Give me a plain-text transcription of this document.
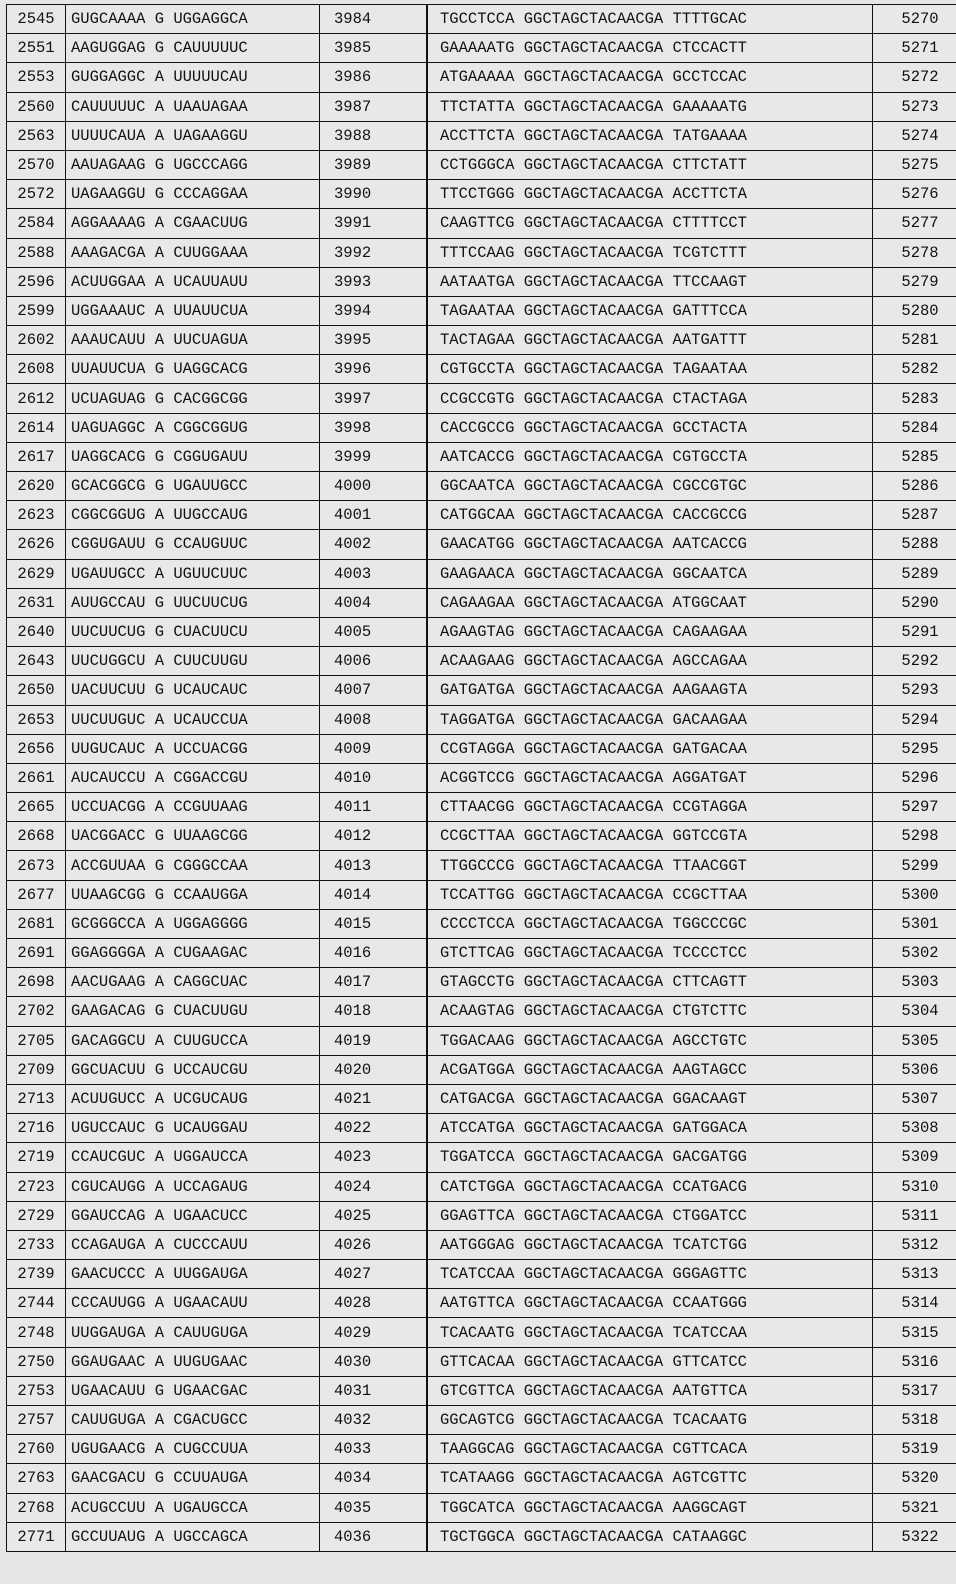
2545	GUGCAAAA G UGGAGGCA	3984		TGCCTCCA GGCTAGCTACAACGA TTTTGCAC	5270
2551	AAGUGGAG G CAUUUUUC	3985		GAAAAATG GGCTAGCTACAACGA CTCCACTT	5271
2553	GUGGAGGC A UUUUUCAU	3986		ATGAAAAA GGCTAGCTACAACGA GCCTCCAC	5272
2560	CAUUUUUC A UAAUAGAA	3987		TTCTATTA GGCTAGCTACAACGA GAAAAATG	5273
2563	UUUUCAUA A UAGAAGGU	3988		ACCTTCTA GGCTAGCTACAACGA TATGAAAA	5274
2570	AAUAGAAG G UGCCCAGG	3989		CCTGGGCA GGCTAGCTACAACGA CTTCTATT	5275
2572	UAGAAGGU G CCCAGGAA	3990		TTCCTGGG GGCTAGCTACAACGA ACCTTCTA	5276
2584	AGGAAAAG A CGAACUUG	3991		CAAGTTCG GGCTAGCTACAACGA CTTTTCCT	5277
2588	AAAGACGA A CUUGGAAA	3992		TTTCCAAG GGCTAGCTACAACGA TCGTCTTT	5278
2596	ACUUGGAA A UCAUUAUU	3993		AATAATGA GGCTAGCTACAACGA TTCCAAGT	5279
2599	UGGAAAUC A UUAUUCUA	3994		TAGAATAA GGCTAGCTACAACGA GATTTCCA	5280
2602	AAAUCAUU A UUCUAGUA	3995		TACTAGAA GGCTAGCTACAACGA AATGATTT	5281
2608	UUAUUCUA G UAGGCACG	3996		CGTGCCTA GGCTAGCTACAACGA TAGAATAA	5282
2612	UCUAGUAG G CACGGCGG	3997		CCGCCGTG GGCTAGCTACAACGA CTACTAGA	5283
2614	UAGUAGGC A CGGCGGUG	3998		CACCGCCG GGCTAGCTACAACGA GCCTACTA	5284
2617	UAGGCACG G CGGUGAUU	3999		AATCACCG GGCTAGCTACAACGA CGTGCCTA	5285
2620	GCACGGCG G UGAUUGCC	4000		GGCAATCA GGCTAGCTACAACGA CGCCGTGC	5286
2623	CGGCGGUG A UUGCCAUG	4001		CATGGCAA GGCTAGCTACAACGA CACCGCCG	5287
2626	CGGUGAUU G CCAUGUUC	4002		GAACATGG GGCTAGCTACAACGA AATCACCG	5288
2629	UGAUUGCC A UGUUCUUC	4003		GAAGAACA GGCTAGCTACAACGA GGCAATCA	5289
2631	AUUGCCAU G UUCUUCUG	4004		CAGAAGAA GGCTAGCTACAACGA ATGGCAAT	5290
2640	UUCUUCUG G CUACUUCU	4005		AGAAGTAG GGCTAGCTACAACGA CAGAAGAA	5291
2643	UUCUGGCU A CUUCUUGU	4006		ACAAGAAG GGCTAGCTACAACGA AGCCAGAA	5292
2650	UACUUCUU G UCAUCAUC	4007		GATGATGA GGCTAGCTACAACGA AAGAAGTA	5293
2653	UUCUUGUC A UCAUCCUA	4008		TAGGATGA GGCTAGCTACAACGA GACAAGAA	5294
2656	UUGUCAUC A UCCUACGG	4009		CCGTAGGA GGCTAGCTACAACGA GATGACAA	5295
2661	AUCAUCCU A CGGACCGU	4010		ACGGTCCG GGCTAGCTACAACGA AGGATGAT	5296
2665	UCCUACGG A CCGUUAAG	4011		CTTAACGG GGCTAGCTACAACGA CCGTAGGA	5297
2668	UACGGACC G UUAAGCGG	4012		CCGCTTAA GGCTAGCTACAACGA GGTCCGTA	5298
2673	ACCGUUAA G CGGGCCAA	4013		TTGGCCCG GGCTAGCTACAACGA TTAACGGT	5299
2677	UUAAGCGG G CCAAUGGA	4014		TCCATTGG GGCTAGCTACAACGA CCGCTTAA	5300
2681	GCGGGCCA A UGGAGGGG	4015		CCCCTCCA GGCTAGCTACAACGA TGGCCCGC	5301
2691	GGAGGGGA A CUGAAGAC	4016		GTCTTCAG GGCTAGCTACAACGA TCCCCTCC	5302
2698	AACUGAAG A CAGGCUAC	4017		GTAGCCTG GGCTAGCTACAACGA CTTCAGTT	5303
2702	GAAGACAG G CUACUUGU	4018		ACAAGTAG GGCTAGCTACAACGA CTGTCTTC	5304
2705	GACAGGCU A CUUGUCCA	4019		TGGACAAG GGCTAGCTACAACGA AGCCTGTC	5305
2709	GGCUACUU G UCCAUCGU	4020		ACGATGGA GGCTAGCTACAACGA AAGTAGCC	5306
2713	ACUUGUCC A UCGUCAUG	4021		CATGACGA GGCTAGCTACAACGA GGACAAGT	5307
2716	UGUCCAUC G UCAUGGAU	4022		ATCCATGA GGCTAGCTACAACGA GATGGACA	5308
2719	CCAUCGUC A UGGAUCCA	4023		TGGATCCA GGCTAGCTACAACGA GACGATGG	5309
2723	CGUCAUGG A UCCAGAUG	4024		CATCTGGA GGCTAGCTACAACGA CCATGACG	5310
2729	GGAUCCAG A UGAACUCC	4025		GGAGTTCA GGCTAGCTACAACGA CTGGATCC	5311
2733	CCAGAUGA A CUCCCAUU	4026		AATGGGAG GGCTAGCTACAACGA TCATCTGG	5312
2739	GAACUCCC A UUGGAUGA	4027		TCATCCAA GGCTAGCTACAACGA GGGAGTTC	5313
2744	CCCAUUGG A UGAACAUU	4028		AATGTTCA GGCTAGCTACAACGA CCAATGGG	5314
2748	UUGGAUGA A CAUUGUGA	4029		TCACAATG GGCTAGCTACAACGA TCATCCAA	5315
2750	GGAUGAAC A UUGUGAAC	4030		GTTCACAA GGCTAGCTACAACGA GTTCATCC	5316
2753	UGAACAUU G UGAACGAC	4031		GTCGTTCA GGCTAGCTACAACGA AATGTTCA	5317
2757	CAUUGUGA A CGACUGCC	4032		GGCAGTCG GGCTAGCTACAACGA TCACAATG	5318
2760	UGUGAACG A CUGCCUUA	4033		TAAGGCAG GGCTAGCTACAACGA CGTTCACA	5319
2763	GAACGACU G CCUUAUGA	4034		TCATAAGG GGCTAGCTACAACGA AGTCGTTC	5320
2768	ACUGCCUU A UGAUGCCA	4035		TGGCATCA GGCTAGCTACAACGA AAGGCAGT	5321
2771	GCCUUAUG A UGCCAGCA	4036		TGCTGGCA GGCTAGCTACAACGA CATAAGGC	5322
